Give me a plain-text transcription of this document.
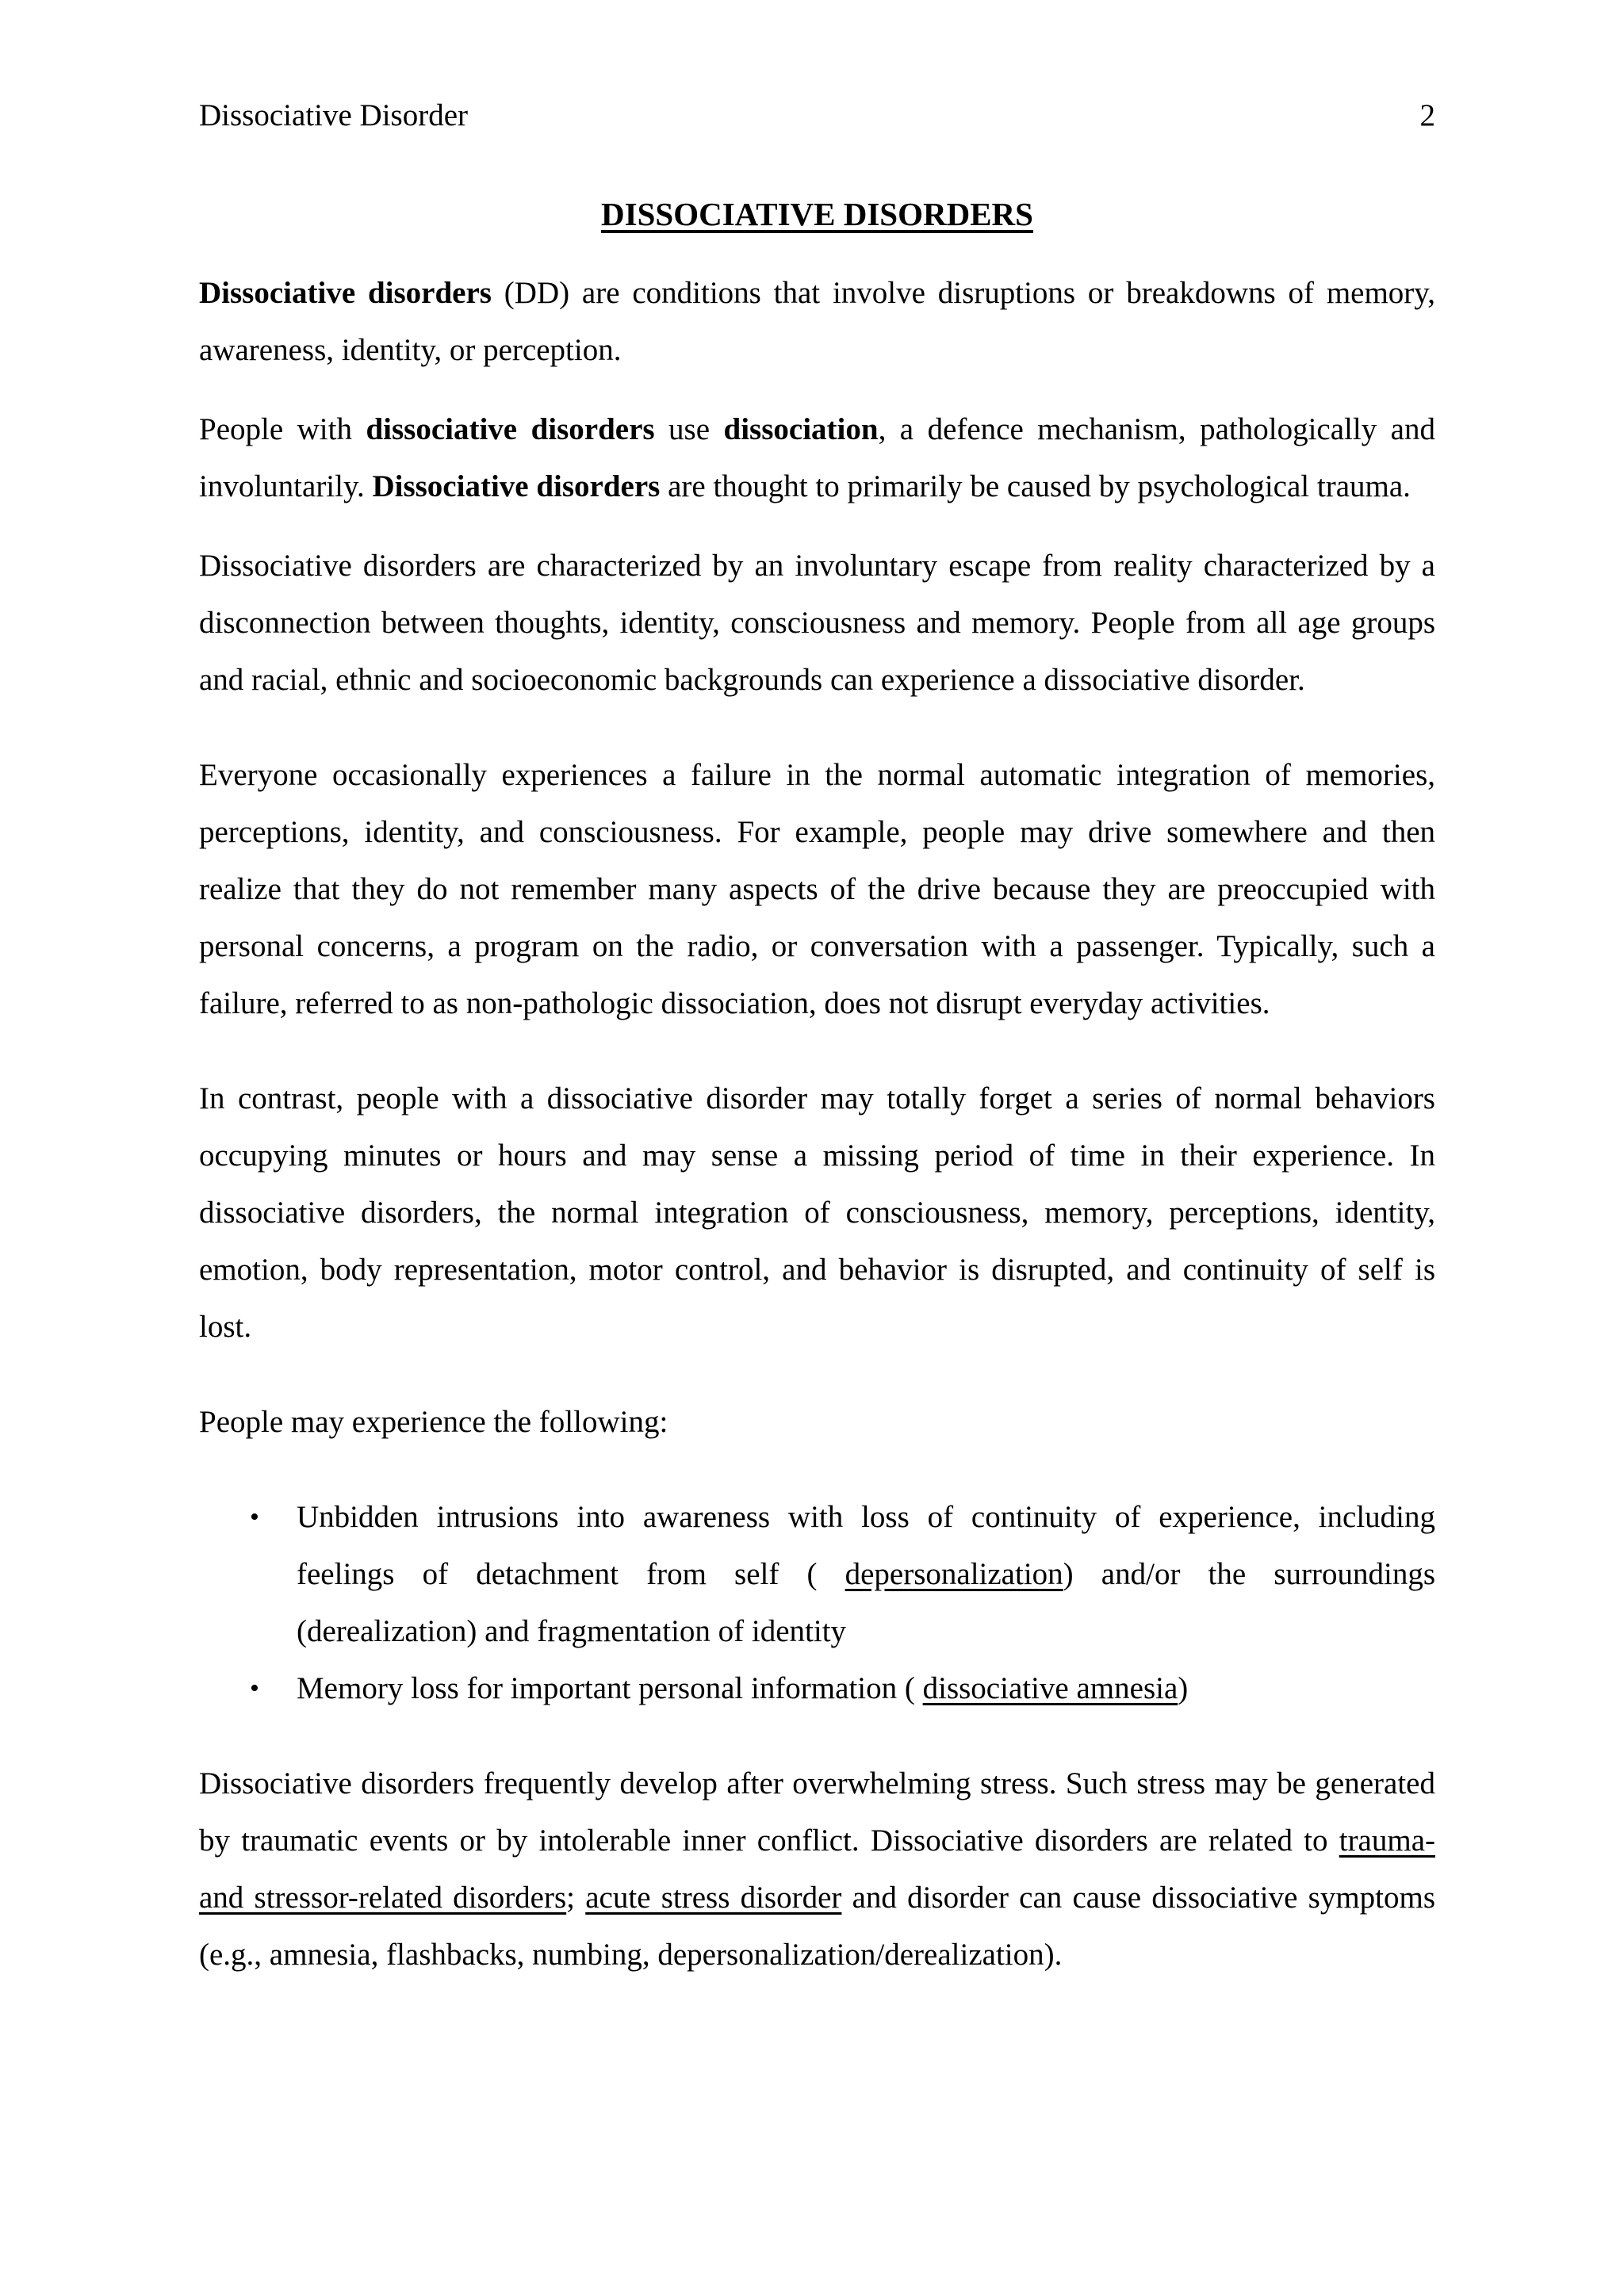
Dissociative Disorder	2
DISSOCIATIVE DISORDERS

Dissociative disorders (DD) are conditions that involve disruptions or breakdowns of memory, awareness, identity, or perception.

People with dissociative disorders use dissociation, a defence mechanism, pathologically and involuntarily. Dissociative disorders are thought to primarily be caused by psychological trauma.

Dissociative disorders are characterized by an involuntary escape from reality characterized by a disconnection between thoughts, identity, consciousness and memory. People from all age groups and racial, ethnic and socioeconomic backgrounds can experience a dissociative disorder.

Everyone occasionally experiences a failure in the normal automatic integration of memories, perceptions, identity, and consciousness. For example, people may drive somewhere and then realize that they do not remember many aspects of the drive because they are preoccupied with personal concerns, a program on the radio, or conversation with a passenger. Typically, such a failure, referred to as non-pathologic dissociation, does not disrupt everyday activities.

In contrast, people with a dissociative disorder may totally forget a series of normal behaviors occupying minutes or hours and may sense a missing period of time in their experience. In dissociative disorders, the normal integration of consciousness, memory, perceptions, identity, emotion, body representation, motor control, and behavior is disrupted, and continuity of self is lost.

People may experience the following:

• Unbidden intrusions into awareness with loss of continuity of experience, including feelings of detachment from self ( depersonalization) and/or the surroundings (derealization) and fragmentation of identity
• Memory loss for important personal information ( dissociative amnesia)

Dissociative disorders frequently develop after overwhelming stress. Such stress may be generated by traumatic events or by intolerable inner conflict. Dissociative disorders are related to trauma- and stressor-related disorders; acute stress disorder and disorder can cause dissociative symptoms (e.g., amnesia, flashbacks, numbing, depersonalization/derealization).
